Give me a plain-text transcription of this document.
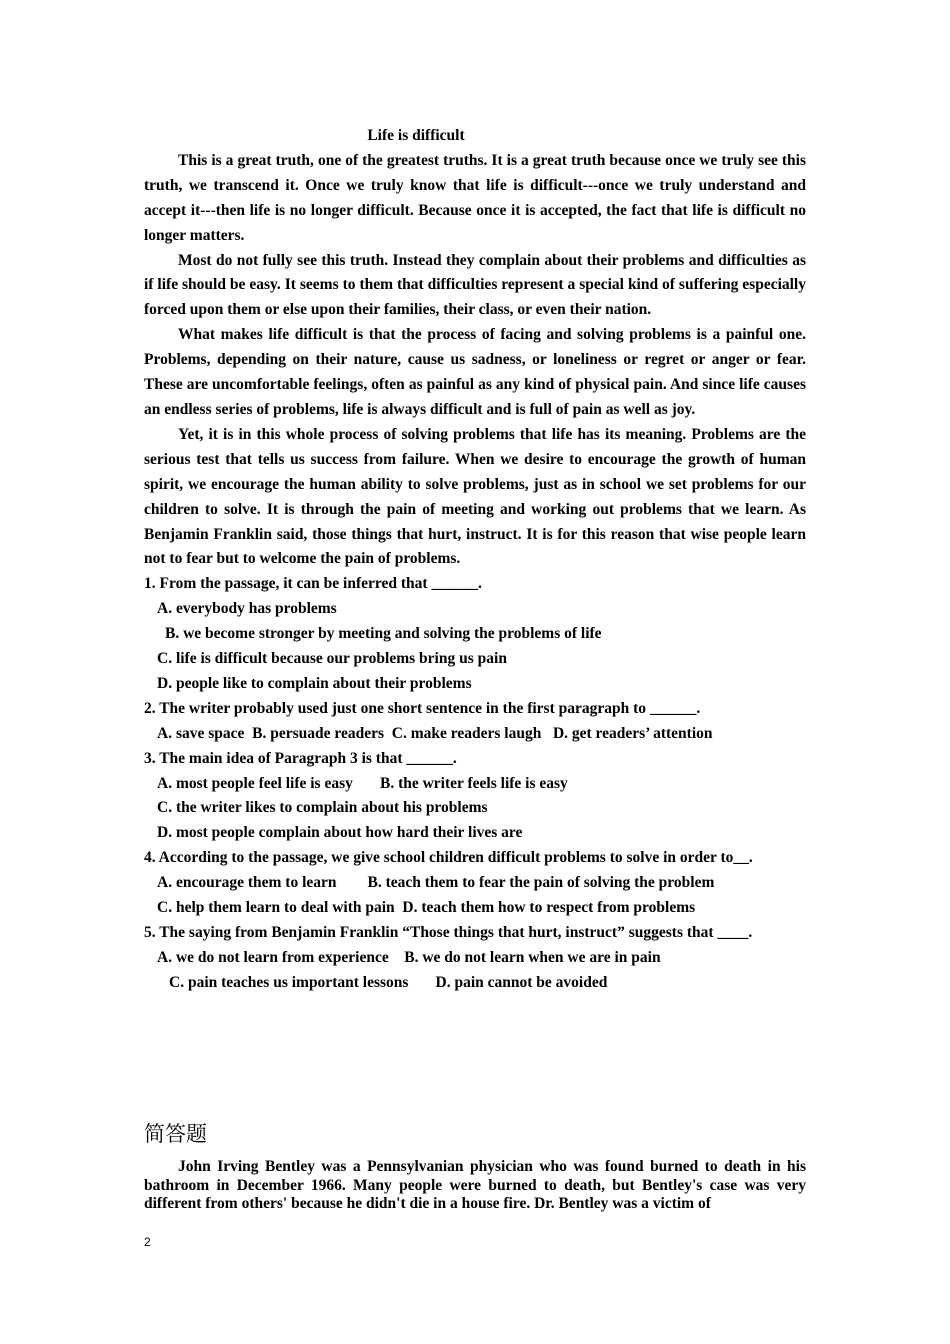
Life is difficult

This is a great truth, one of the greatest truths. It is a great truth because once we truly see this truth, we transcend it. Once we truly know that life is difficult---once we truly understand and accept it---then life is no longer difficult. Because once it is accepted, the fact that life is difficult no longer matters.

Most do not fully see this truth. Instead they complain about their problems and difficulties as if life should be easy. It seems to them that difficulties represent a special kind of suffering especially forced upon them or else upon their families, their class, or even their nation.

What makes life difficult is that the process of facing and solving problems is a painful one. Problems, depending on their nature, cause us sadness, or loneliness or regret or anger or fear. These are uncomfortable feelings, often as painful as any kind of physical pain. And since life causes an endless series of problems, life is always difficult and is full of pain as well as joy.

Yet, it is in this whole process of solving problems that life has its meaning. Problems are the serious test that tells us success from failure. When we desire to encourage the growth of human spirit, we encourage the human ability to solve problems, just as in school we set problems for our children to solve. It is through the pain of meeting and working out problems that we learn. As Benjamin Franklin said, those things that hurt, instruct. It is for this reason that wise people learn not to fear but to welcome the pain of problems.

1. From the passage, it can be inferred that ______.

A. everybody has problems

B. we become stronger by meeting and solving the problems of life

C. life is difficult because our problems bring us pain

D. people like to complain about their problems

2. The writer probably used just one short sentence in the first paragraph to ______.

A. save space  B. persuade readers  C. make readers laugh   D. get readers’ attention

3. The main idea of Paragraph 3 is that ______.

A. most people feel life is easy       B. the writer feels life is easy

C. the writer likes to complain about his problems

D. most people complain about how hard their lives are

4. According to the passage, we give school children difficult problems to solve in order to__.

A. encourage them to learn        B. teach them to fear the pain of solving the problem

C. help them learn to deal with pain  D. teach them how to respect from problems

5. The saying from Benjamin Franklin “Those things that hurt, instruct” suggests that ____.

A. we do not learn from experience    B. we do not learn when we are in pain

C. pain teaches us important lessons       D. pain cannot be avoided

简答题

John Irving Bentley was a Pennsylvanian physician who was found burned to death in his bathroom in December 1966. Many people were burned to death, but Bentley's case was very different from others' because he didn't die in a house fire. Dr. Bentley was a victim of

2
